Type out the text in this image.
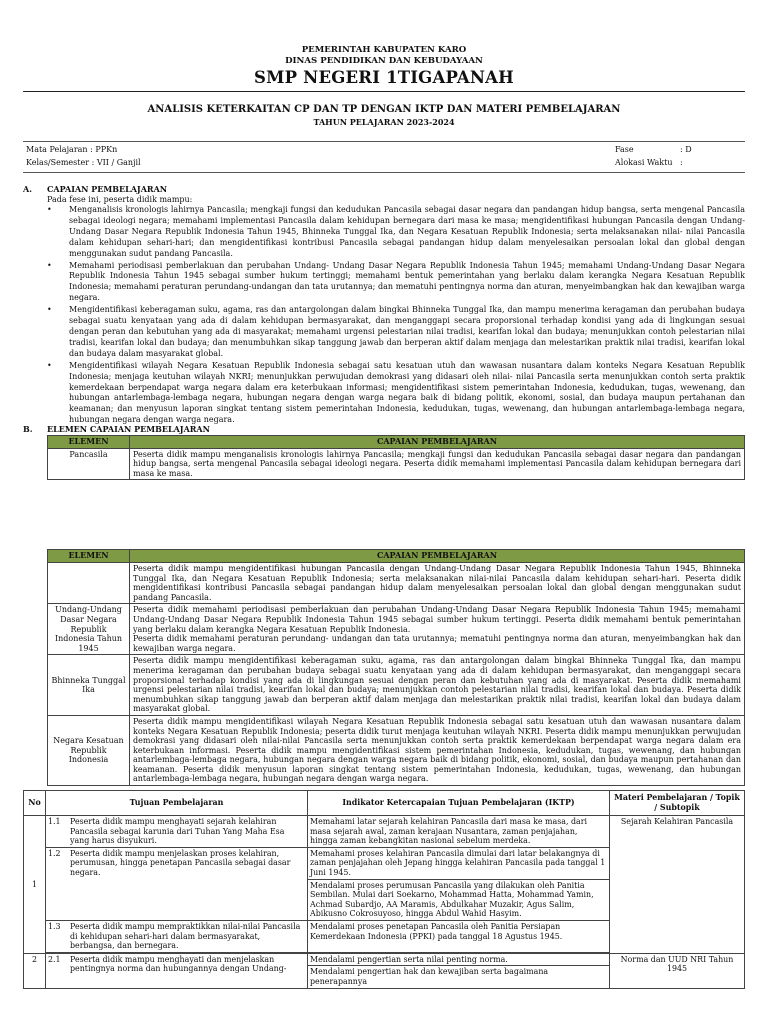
PEMERINTAH KABUPATEN KARO
DINAS PENDIDIKAN DAN KEBUDAYAAN
SMP NEGERI 1TIGAPANAH
ANALISIS KETERKAITAN CP DAN TP DENGAN IKTP DAN MATERI PEMBELAJARAN
TAHUN PELAJARAN 2023-2024
Mata Pelajaran : PPKn
Kelas/Semester : VII / Ganjil
Fase	: D
Alokasi Waktu :
A. CAPAIAN PEMBELAJARAN
Pada fese ini, peserta didik mampu:
• Menganalisis kronologis lahirnya Pancasila; mengkaji fungsi dan kedudukan Pancasila sebagai dasar negara dan pandangan hidup bangsa, serta mengenal Pancasila sebagai ideologi negara; memahami implementasi Pancasila dalam kehidupan bernegara dari masa ke masa; mengidentifikasi hubungan Pancasila dengan Undang-Undang Dasar Negara Republik Indonesia Tahun 1945, Bhinneka Tunggal Ika, dan Negara Kesatuan Republik Indonesia; serta melaksanakan nilai- nilai Pancasila dalam kehidupan sehari-hari; dan mengidentifikasi kontribusi Pancasila sebagai pandangan hidup dalam menyelesaikan persoalan lokal dan global dengan menggunakan sudut pandang Pancasila.
• Memahami periodisasi pemberlakuan dan perubahan Undang- Undang Dasar Negara Republik Indonesia Tahun 1945; memahami Undang-Undang Dasar Negara Republik Indonesia Tahun 1945 sebagai sumber hukum tertinggi; memahami bentuk pemerintahan yang berlaku dalam kerangka Negara Kesatuan Republik Indonesia; memahami peraturan perundang-undangan dan tata urutannya; dan mematuhi pentingnya norma dan aturan, menyeimbangkan hak dan kewajiban warga negara.
• Mengidentifikasi keberagaman suku, agama, ras dan antargolongan dalam bingkai Bhinneka Tunggal Ika, dan mampu menerima keragaman dan perubahan budaya sebagai suatu kenyataan yang ada di dalam kehidupan bermasyarakat, dan menganggapi secara proporsional terhadap kondisi yang ada di lingkungan sesuai dengan peran dan kebutuhan yang ada di masyarakat; memahami urgensi pelestarian nilai tradisi, kearifan lokal dan budaya; menunjukkan contoh pelestarian nilai tradisi, kearifan lokal dan budaya; dan menumbuhkan sikap tanggung jawab dan berperan aktif dalam menjaga dan melestarikan praktik nilai tradisi, kearifan lokal dan budaya dalam masyarakat global.
• Mengidentifikasi wilayah Negara Kesatuan Republik Indonesia sebagai satu kesatuan utuh dan wawasan nusantara dalam konteks Negara Kesatuan Republik Indonesia; menjaga keutuhan wilayah NKRI; menunjukkan perwujudan demokrasi yang didasari oleh nilai- nilai Pancasila serta menunjukkan contoh serta praktik kemerdekaan berpendapat warga negara dalam era keterbukaan informasi; mengidentifikasi sistem pemerintahan Indonesia, kedudukan, tugas, wewenang, dan hubungan antarlembaga-lembaga negara, hubungan negara dengan warga negara baik di bidang politik, ekonomi, sosial, dan budaya maupun pertahanan dan keamanan; dan menyusun laporan singkat tentang sistem pemerintahan Indonesia, kedudukan, tugas, wewenang, dan hubungan antarlembaga-lembaga negara, hubungan negara dengan warga negara.
B. ELEMEN CAPAIAN PEMBELAJARAN
ELEMEN	CAPAIAN PEMBELAJARAN
Pancasila	Peserta didik mampu menganalisis kronologis lahirnya Pancasila; mengkaji fungsi dan kedudukan Pancasila sebagai dasar negara dan pandangan hidup bangsa, serta mengenal Pancasila sebagai ideologi negara. Peserta didik memahami implementasi Pancasila dalam kehidupan bernegara dari masa ke masa.
ELEMEN	CAPAIAN PEMBELAJARAN
	Peserta didik mampu mengidentifikasi hubungan Pancasila dengan Undang-Undang Dasar Negara Republik Indonesia Tahun 1945, Bhinneka Tunggal Ika, dan Negara Kesatuan Republik Indonesia; serta melaksanakan nilai-nilai Pancasila dalam kehidupan sehari-hari. Peserta didik mengidentifikasi kontribusi Pancasila sebagai pandangan hidup dalam menyelesaikan persoalan lokal dan global dengan menggunakan sudut pandang Pancasila.
Undang-Undang Dasar Negara Republik Indonesia Tahun 1945	Peserta didik memahami periodisasi pemberlakuan dan perubahan Undang-Undang Dasar Negara Republik Indonesia Tahun 1945; memahami Undang-Undang Dasar Negara Republik Indonesia Tahun 1945 sebagai sumber hukum tertinggi. Peserta didik memahami bentuk pemerintahan yang berlaku dalam kerangka Negara Kesatuan Republik Indonesia.
Peserta didik memahami peraturan perundang- undangan dan tata urutannya; mematuhi pentingnya norma dan aturan, menyeimbangkan hak dan kewajiban warga negara.

Bhinneka Tunggal Ika	Peserta didik mampu mengidentifikasi keberagaman suku, agama, ras dan antargolongan dalam bingkai Bhinneka Tunggal Ika, dan mampu menerima keragaman dan perubahan budaya sebagai suatu kenyataan yang ada di dalam kehidupan bermasyarakat, dan menganggapi secara proporsional terhadap kondisi yang ada di lingkungan sesuai dengan peran dan kebutuhan yang ada di masyarakat. Peserta didik memahami urgensi pelestarian nilai tradisi, kearifan lokal dan budaya; menunjukkan contoh pelestarian nilai tradisi, kearifan lokal dan budaya. Peserta didik menumbuhkan sikap tanggung jawab dan berperan aktif dalam menjaga dan melestarikan praktik nilai tradisi, kearifan lokal dan budaya dalam masyarakat global.
Negara Kesatuan Republik Indonesia	Peserta didik mampu mengidentifikasi wilayah Negara Kesatuan Republik Indonesia sebagai satu kesatuan utuh dan wawasan nusantara dalam konteks Negara Kesatuan Republik Indonesia; peserta didik turut menjaga keutuhan wilayah NKRI. Peserta didik mampu menunjukkan perwujudan demokrasi yang didasari oleh nilai-nilai Pancasila serta menunjukkan contoh serta praktik kemerdekaan berpendapat warga negara dalam era keterbukaan informasi. Peserta didik mampu mengidentifikasi sistem pemerintahan Indonesia, kedudukan, tugas, wewenang, dan hubungan antarlembaga-lembaga negara, hubungan negara dengan warga negara baik di bidang politik, ekonomi, sosial, dan budaya maupun pertahanan dan keamanan. Peserta didik menyusun laporan singkat tentang sistem pemerintahan Indonesia, kedudukan, tugas, wewenang, dan hubungan antarlembaga-lembaga negara, hubungan negara dengan warga negara.
No	Tujuan Pembelajaran	Indikator Ketercapaian Tujuan Pembelajaran (IKTP)	Materi Pembelajaran / Topik / Subtopik
1	1.1 Peserta didik mampu menghayati sejarah kelahiran Pancasila sebagai karunia dari Tuhan Yang Maha Esa yang harus disyukuri.	Memahami latar sejarah kelahiran Pancasila dari masa ke masa, dari masa sejarah awal, zaman kerajaan Nusantara, zaman penjajahan, hingga zaman kebangkitan nasional sebelum merdeka.	Sejarah Kelahiran Pancasila

	1.2 Peserta didik mampu menjelaskan proses kelahiran, perumusan, hingga penetapan Pancasila sebagai dasar negara.	Memahami proses kelahiran Pancasila dimulai dari latar belakangnya di zaman penjajahan oleh Jepang hingga kelahiran Pancasila pada tanggal 1 Juni 1945.	
		Mendalami proses perumusan Pancasila yang dilakukan oleh Panitia Sembilan. Mulai dari Soekarno, Mohammad Hatta, Mohammad Yamin, Achmad Subardjo, AA Maramis, Abdulkahar Muzakir, Agus Salim, Abikusno Cokrosuyoso, hingga Abdul Wahid Hasyim.	

	1.3 Peserta didik mampu mempraktikkan nilai-nilai Pancasila di kehidupan sehari-hari dalam bermasyarakat, berbangsa, dan bernegara.	Mendalami proses penetapan Pancasila oleh Panitia Persiapan Kemerdekaan Indonesia (PPKI) pada tanggal 18 Agustus 1945.	

2	2.1 Peserta didik mampu menghayati dan menjelaskan pentingnya norma dan hubungannya dengan Undang-	Mendalami pengertian serta nilai penting norma.	Norma dan UUD NRI Tahun 1945
		Mendalami pengertian hak dan kewajiban serta bagaimana penerapannya	
